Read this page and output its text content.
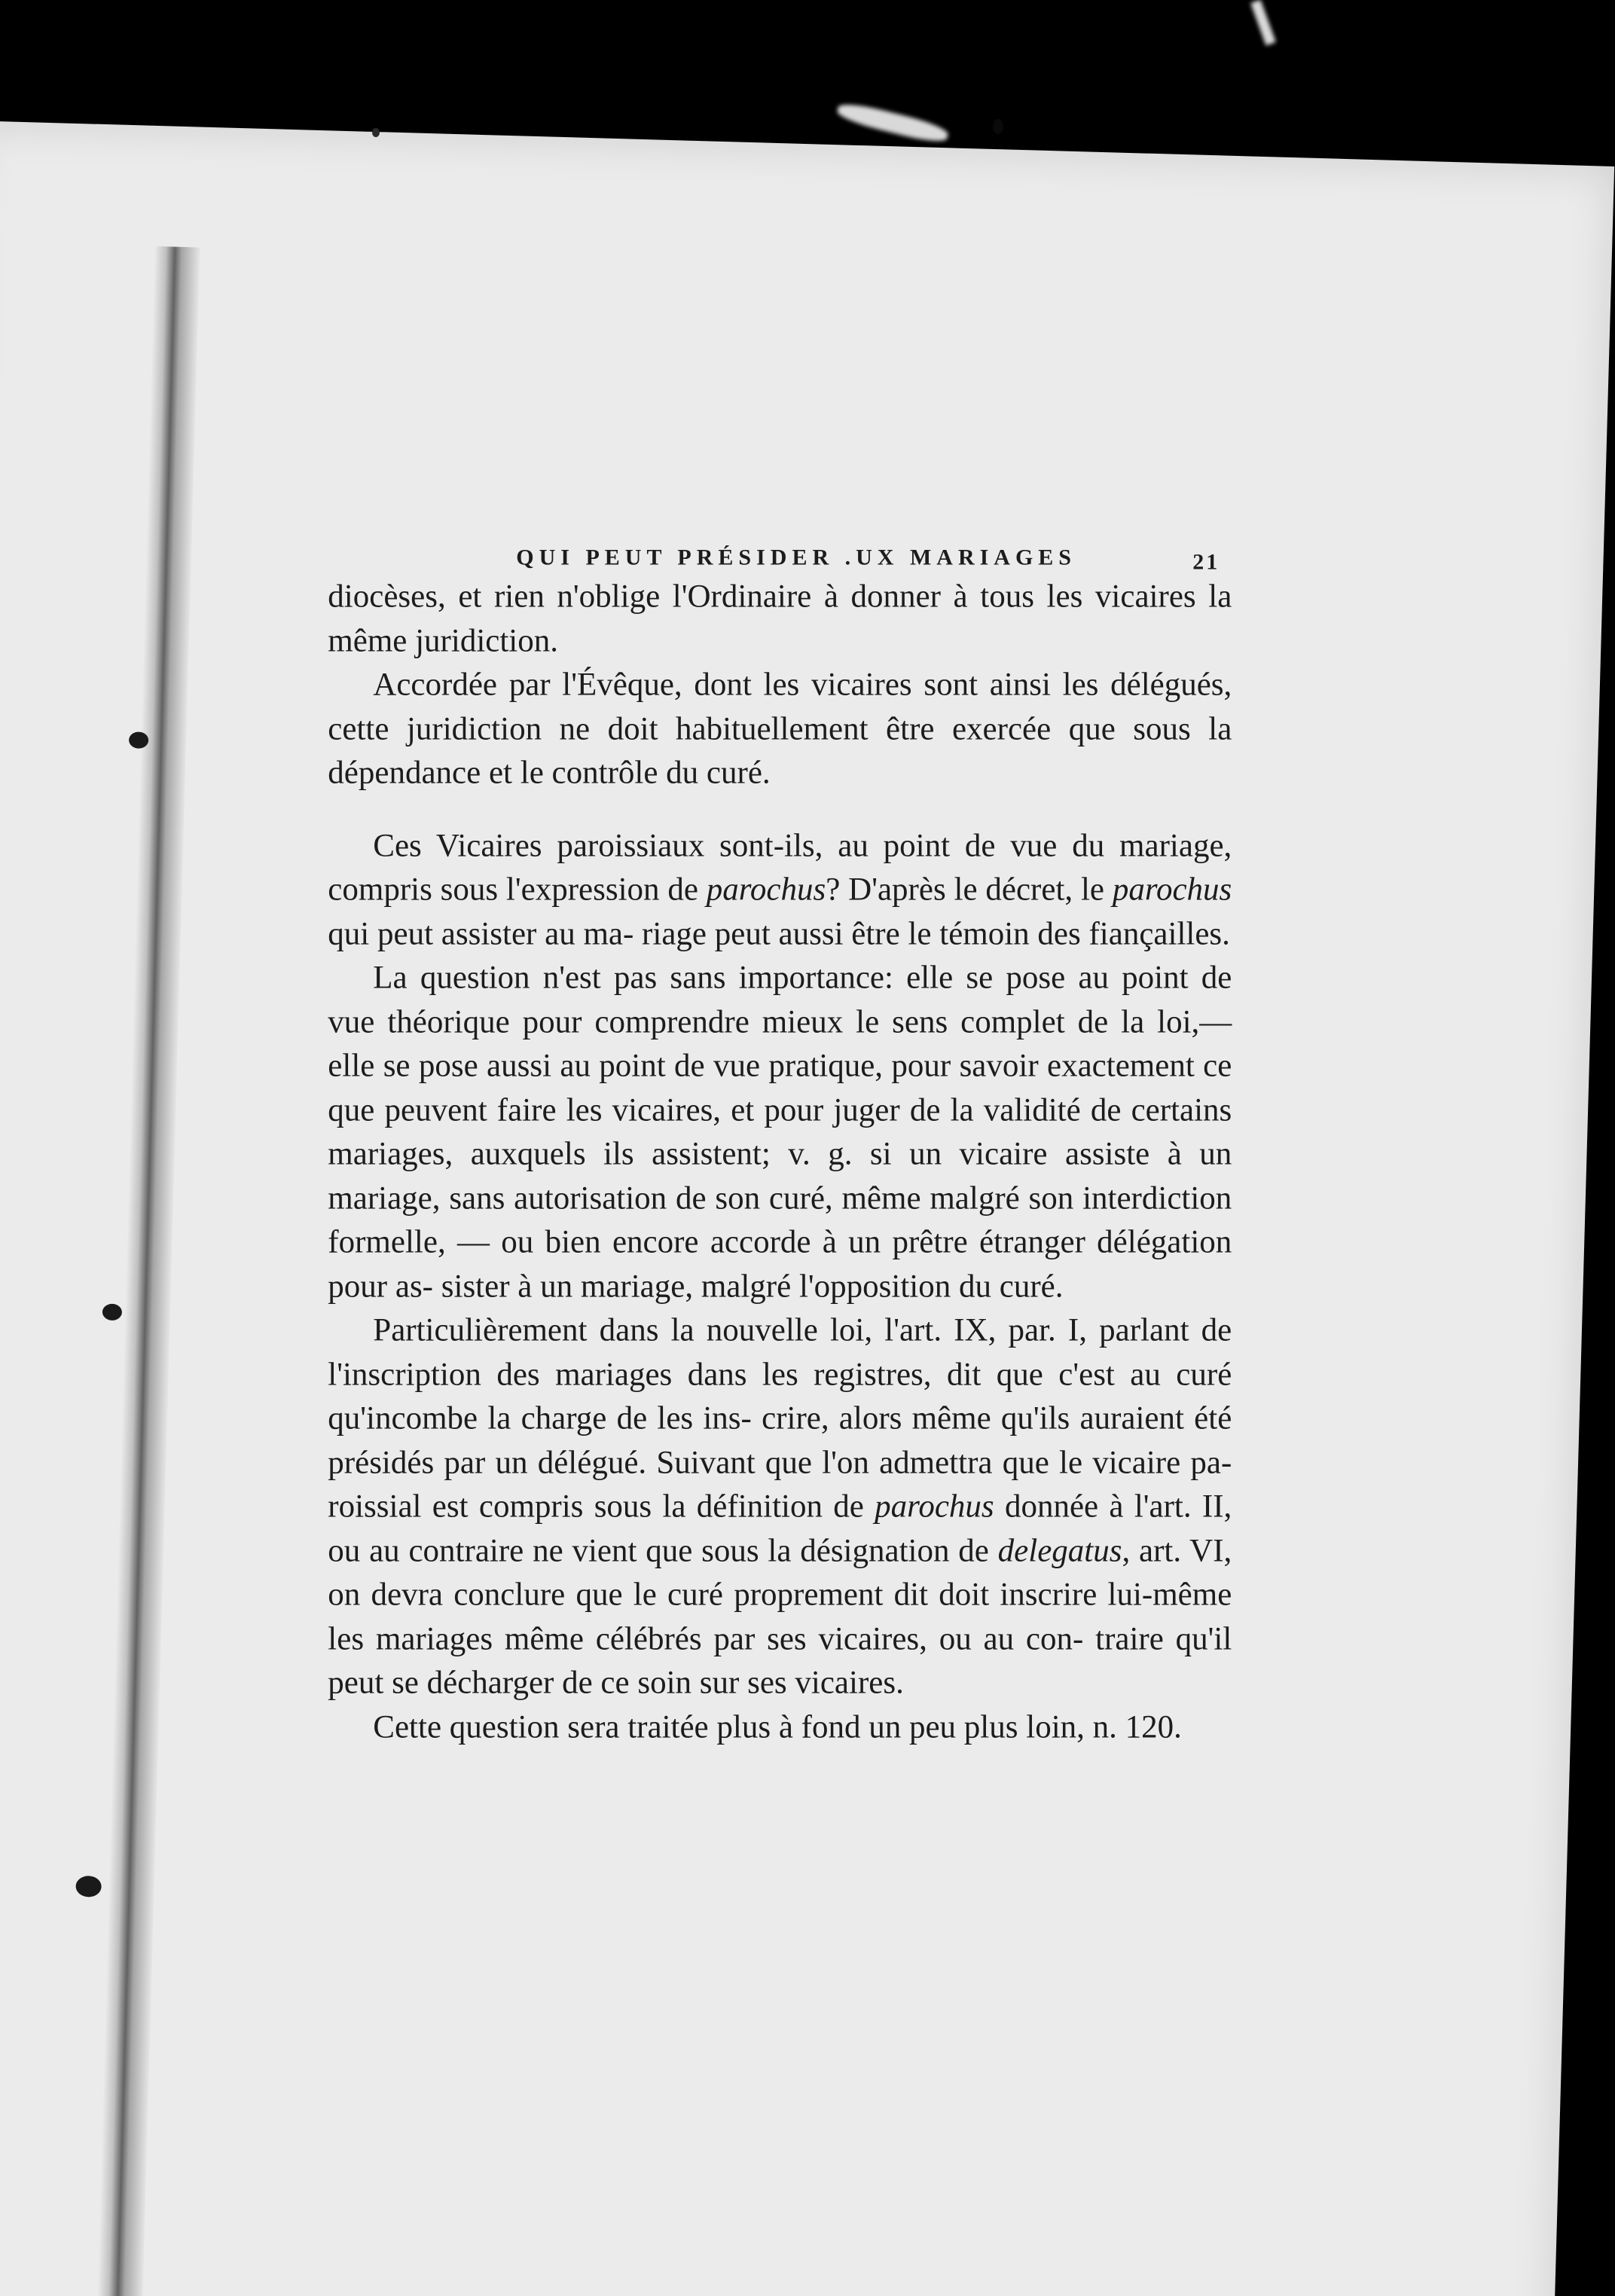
QUI PEUT PRÉSIDER .UX MARIAGES	21

diocèses, et rien n'oblige l'Ordinaire à donner à tous les vicaires la même juridiction.

Accordée par l'Évêque, dont les vicaires sont ainsi les délégués, cette juridiction ne doit habituellement être exercée que sous la dépendance et le contrôle du curé.

Ces Vicaires paroissiaux sont-ils, au point de vue du mariage, compris sous l'expression de parochus? D'après le décret, le parochus qui peut assister au ma- riage peut aussi être le témoin des fiançailles.

La question n'est pas sans importance: elle se pose au point de vue théorique pour comprendre mieux le sens complet de la loi,— elle se pose aussi au point de vue pratique, pour savoir exactement ce que peuvent faire les vicaires, et pour juger de la validité de certains mariages, auxquels ils assistent; v. g. si un vicaire assiste à un mariage, sans autorisation de son curé, même malgré son interdiction formelle, — ou bien encore accorde à un prêtre étranger délégation pour as- sister à un mariage, malgré l'opposition du curé.

Particulièrement dans la nouvelle loi, l'art. IX, par. I, parlant de l'inscription des mariages dans les registres, dit que c'est au curé qu'incombe la charge de les ins- crire, alors même qu'ils auraient été présidés par un délégué. Suivant que l'on admettra que le vicaire pa- roissial est compris sous la définition de parochus donnée à l'art. II, ou au contraire ne vient que sous la désignation de delegatus, art. VI, on devra conclure que le curé proprement dit doit inscrire lui-même les mariages même célébrés par ses vicaires, ou au con- traire qu'il peut se décharger de ce soin sur ses vicaires.

Cette question sera traitée plus à fond un peu plus loin, n. 120.
